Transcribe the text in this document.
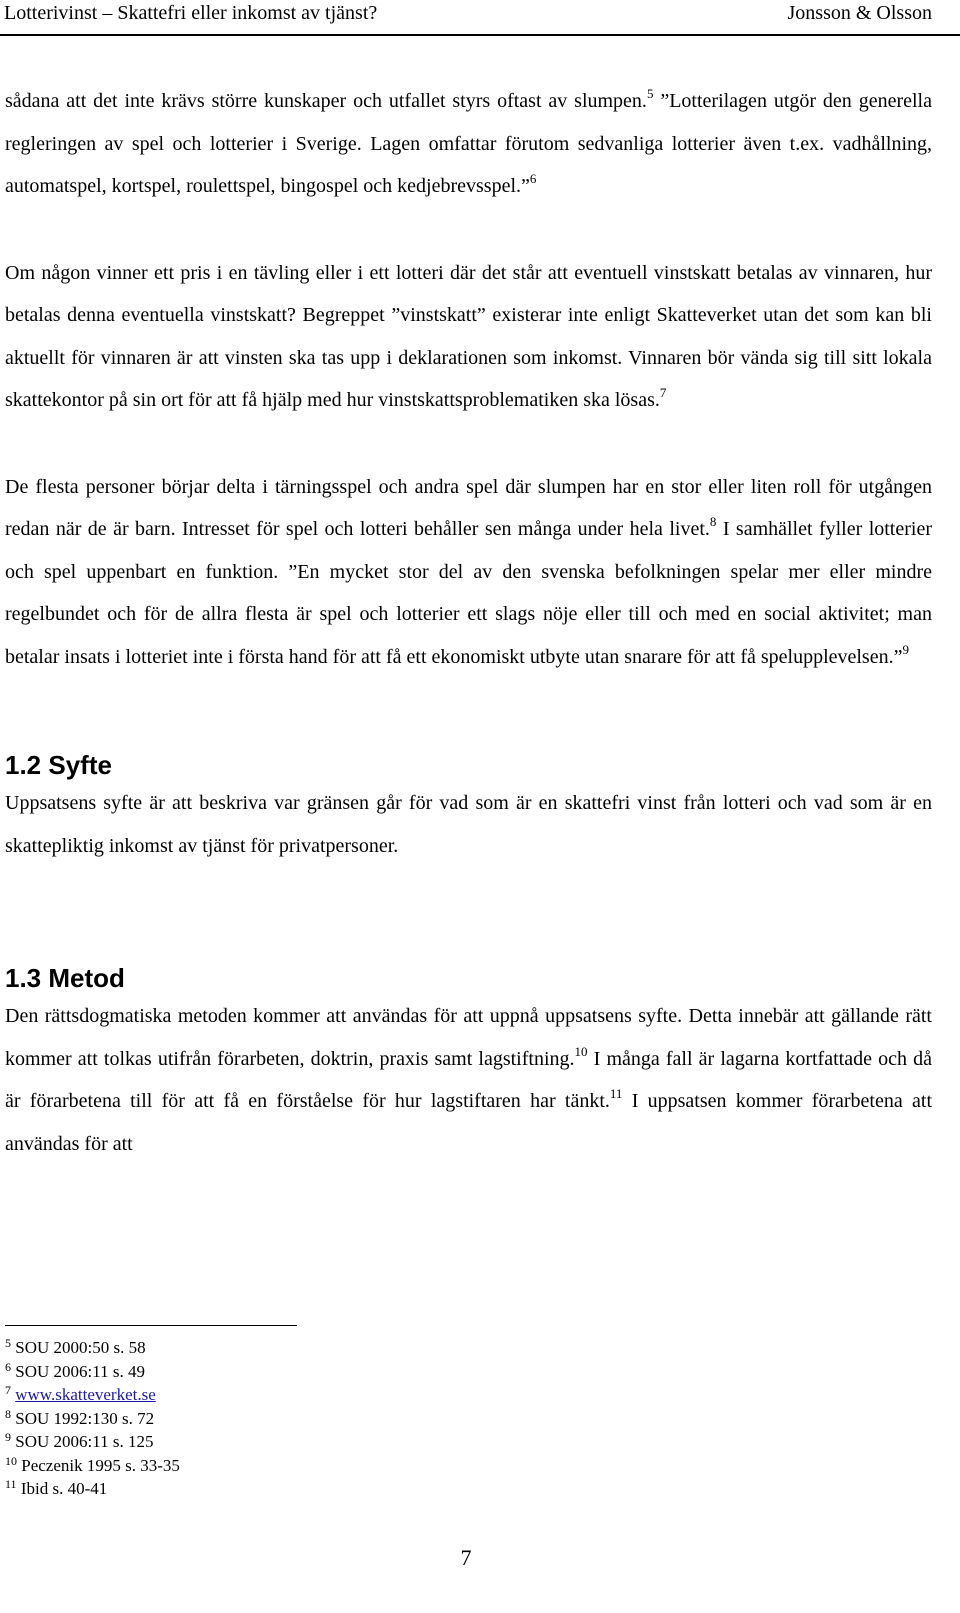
Lotterivinst – Skattefri eller inkomst av tjänst?	Jonsson & Olsson

sådana att det inte krävs större kunskaper och utfallet styrs oftast av slumpen.$^5$ ”Lotterilagen utgör den generella regleringen av spel och lotterier i Sverige. Lagen omfattar förutom sedvanliga lotterier även t.ex. vadhållning, automatspel, kortspel, roulettspel, bingospel och kedjebrevsspel.”$^6$

Om någon vinner ett pris i en tävling eller i ett lotteri där det står att eventuell vinstskatt betalas av vinnaren, hur betalas denna eventuella vinstskatt? Begreppet ”vinstskatt” existerar inte enligt Skatteverket utan det som kan bli aktuellt för vinnaren är att vinsten ska tas upp i deklarationen som inkomst. Vinnaren bör vända sig till sitt lokala skattekontor på sin ort för att få hjälp med hur vinstskattsproblematiken ska lösas.$^7$

De flesta personer börjar delta i tärningsspel och andra spel där slumpen har en stor eller liten roll för utgången redan när de är barn. Intresset för spel och lotteri behåller sen många under hela livet.$^8$ I samhället fyller lotterier och spel uppenbart en funktion. ”En mycket stor del av den svenska befolkningen spelar mer eller mindre regelbundet och för de allra flesta är spel och lotterier ett slags nöje eller till och med en social aktivitet; man betalar insats i lotteriet inte i första hand för att få ett ekonomiskt utbyte utan snarare för att få spelupplevelsen.”$^9$

1.2 Syfte

Uppsatsens syfte är att beskriva var gränsen går för vad som är en skattefri vinst från lotteri och vad som är en skattepliktig inkomst av tjänst för privatpersoner.

1.3 Metod

Den rättsdogmatiska metoden kommer att användas för att uppnå uppsatsens syfte. Detta innebär att gällande rätt kommer att tolkas utifrån förarbeten, doktrin, praxis samt lagstiftning.$^{10}$ I många fall är lagarna kortfattade och då är förarbetena till för att få en förståelse för hur lagstiftaren har tänkt.$^{11}$ I uppsatsen kommer förarbetena att användas för att

$^5$ SOU 2000:50 s. 58
$^6$ SOU 2006:11 s. 49
$^7$ www.skatteverket.se
$^8$ SOU 1992:130 s. 72
$^9$ SOU 2006:11 s. 125
$^{10}$ Peczenik 1995 s. 33-35
$^{11}$ Ibid s. 40-41
7
